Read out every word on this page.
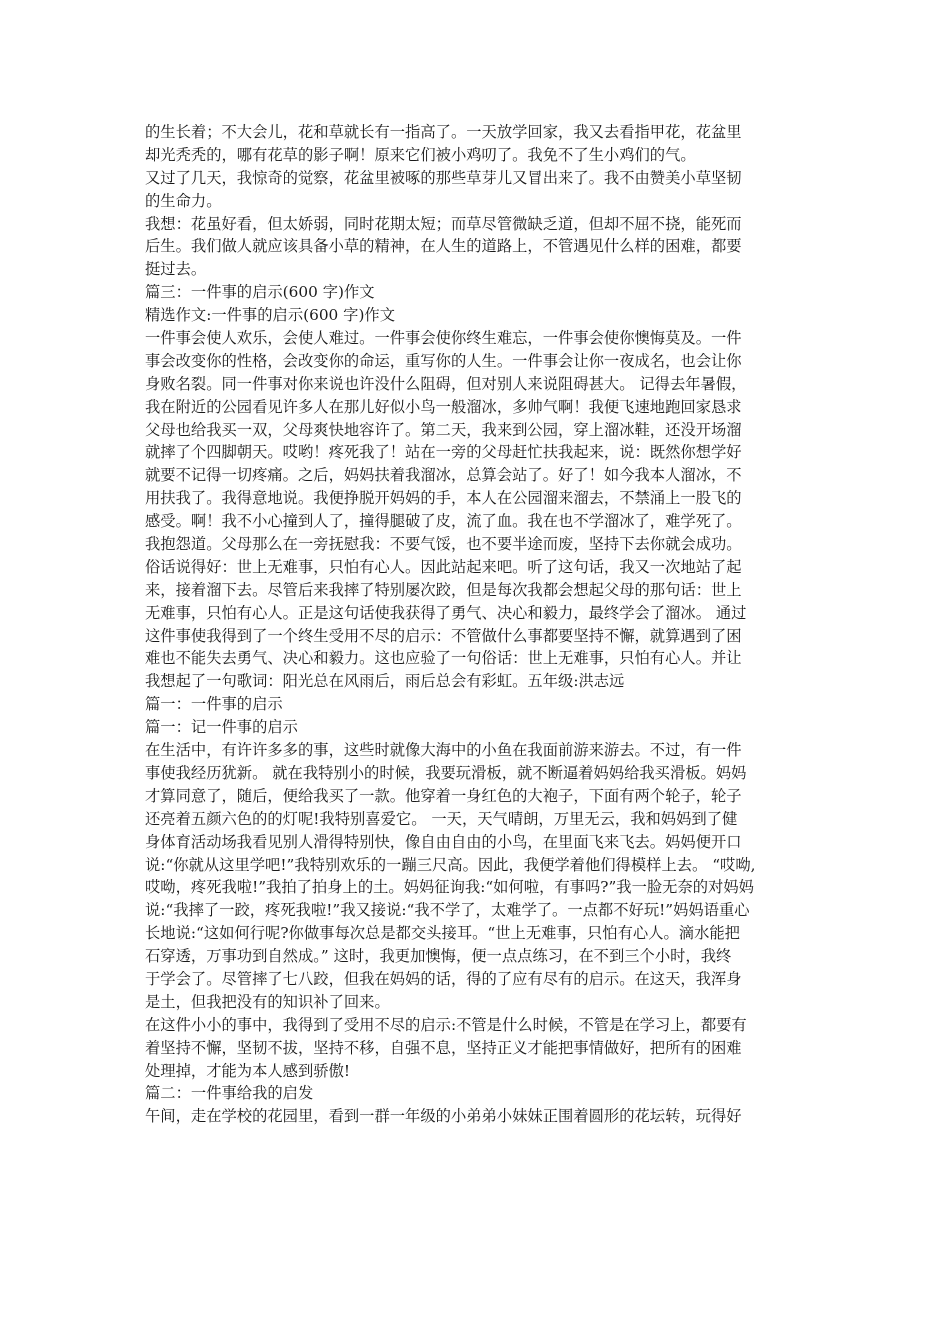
的生长着；不大会儿，花和草就长有一指高了。一天放学回家，我又去看指甲花，花盆里
却光秃秃的，哪有花草的影子啊！原来它们被小鸡叨了。我免不了生小鸡们的气。
又过了几天，我惊奇的觉察，花盆里被啄的那些草芽儿又冒出来了。我不由赞美小草坚韧
的生命力。
我想：花虽好看，但太娇弱，同时花期太短；而草尽管微缺乏道，但却不屈不挠，能死而
后生。我们做人就应该具备小草的精神，在人生的道路上，不管遇见什么样的困难，都要
挺过去。
篇三：一件事的启示(600 字)作文
精选作文:一件事的启示(600 字)作文
一件事会使人欢乐，会使人难过。一件事会使你终生难忘，一件事会使你懊悔莫及。一件
事会改变你的性格，会改变你的命运，重写你的人生。一件事会让你一夜成名，也会让你
身败名裂。同一件事对你来说也许没什么阻碍，但对别人来说阻碍甚大。 记得去年暑假，
我在附近的公园看见许多人在那儿好似小鸟一般溜冰，多帅气啊！我便飞速地跑回家恳求
父母也给我买一双，父母爽快地容许了。第二天，我来到公园，穿上溜冰鞋，还没开场溜
就摔了个四脚朝天。哎哟！疼死我了！站在一旁的父母赶忙扶我起来，说：既然你想学好
就要不记得一切疼痛。之后，妈妈扶着我溜冰，总算会站了。好了！如今我本人溜冰，不
用扶我了。我得意地说。我便挣脱开妈妈的手，本人在公园溜来溜去，不禁涌上一股飞的
感受。啊！我不小心撞到人了，撞得腿破了皮，流了血。我在也不学溜冰了，难学死了。
我抱怨道。父母那么在一旁抚慰我：不要气馁，也不要半途而废，坚持下去你就会成功。
俗话说得好：世上无难事，只怕有心人。因此站起来吧。听了这句话，我又一次地站了起
来，接着溜下去。尽管后来我摔了特别屡次跤，但是每次我都会想起父母的那句话：世上
无难事，只怕有心人。正是这句话使我获得了勇气、决心和毅力，最终学会了溜冰。 通过
这件事使我得到了一个终生受用不尽的启示：不管做什么事都要坚持不懈，就算遇到了困
难也不能失去勇气、决心和毅力。这也应验了一句俗话：世上无难事，只怕有心人。并让
我想起了一句歌词：阳光总在风雨后，雨后总会有彩虹。五年级:洪志远
篇一：一件事的启示
篇一：记一件事的启示
在生活中，有许许多多的事，这些时就像大海中的小鱼在我面前游来游去。不过，有一件
事使我经历犹新。 就在我特别小的时候，我要玩滑板，就不断逼着妈妈给我买滑板。妈妈
才算同意了，随后，便给我买了一款。他穿着一身红色的大袍子，下面有两个轮子，轮子
还亮着五颜六色的的灯呢!我特别喜爱它。 一天，天气晴朗，万里无云，我和妈妈到了健
身体育活动场我看见别人滑得特别快，像自由自由的小鸟，在里面飞来飞去。妈妈便开口
说:“你就从这里学吧!”我特别欢乐的一蹦三尺高。因此，我便学着他们得模样上去。 “哎呦,
哎呦，疼死我啦!”我拍了拍身上的土。妈妈征询我:“如何啦，有事吗?”我一脸无奈的对妈妈
说:“我摔了一跤，疼死我啦!”我又接说:“我不学了，太难学了。一点都不好玩!”妈妈语重心
长地说:“这如何行呢?你做事每次总是都交头接耳。“世上无难事，只怕有心人。滴水能把
石穿透，万事功到自然成。” 这时，我更加懊悔，便一点点练习，在不到三个小时，我终
于学会了。尽管摔了七八跤，但我在妈妈的话，得的了应有尽有的启示。在这天，我浑身
是土，但我把没有的知识补了回来。
在这件小小的事中，我得到了受用不尽的启示:不管是什么时候，不管是在学习上，都要有
着坚持不懈，坚韧不拔，坚持不移，自强不息，坚持正义才能把事情做好，把所有的困难
处理掉，才能为本人感到骄傲!
篇二：一件事给我的启发
午间，走在学校的花园里，看到一群一年级的小弟弟小妹妹正围着圆形的花坛转，玩得好
